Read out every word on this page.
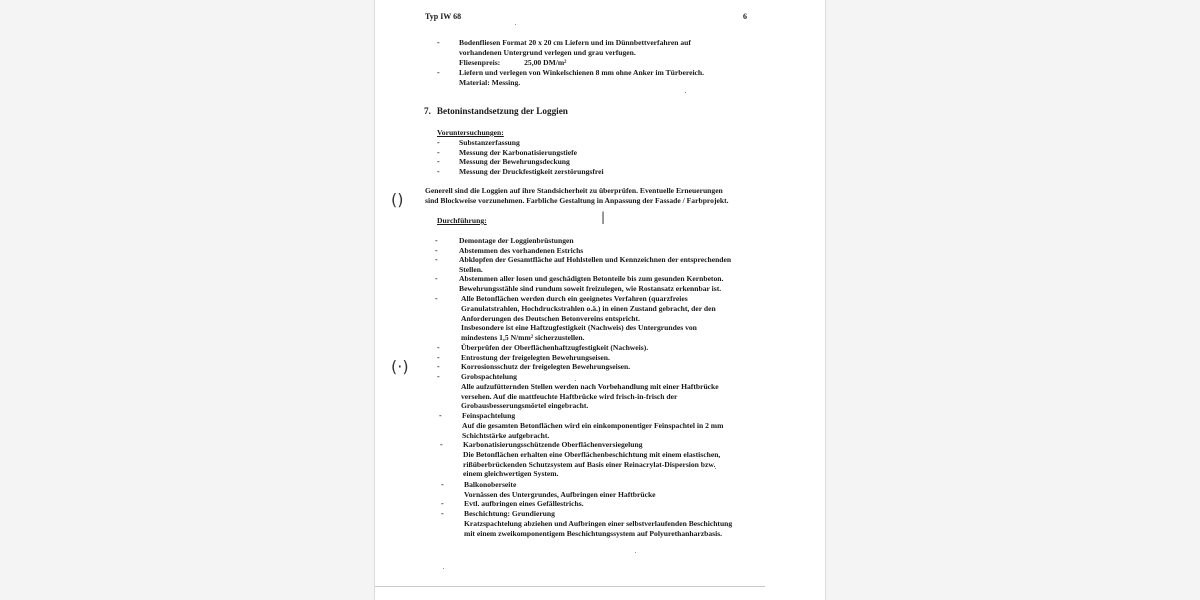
Typ IW 68	6
-	Bodenfliesen Format 20 x 20 cm Liefern und im Dünnbettverfahren auf
vorhandenen Untergrund verlegen und grau verfugen.
Fliesenpreis:	25,00 DM/m²
-	Liefern und verlegen von Winkelschienen 8 mm ohne Anker im Türbereich.
Material: Messing.
7. Betoninstandsetzung der Loggien
Voruntersuchungen:
-	Substanzerfassung
-	Messung der Karbonatisierungstiefe
-	Messung der Bewehrungsdeckung
-	Messung der Druckfestigkeit zerstörungsfrei
Generell sind die Loggien auf ihre Standsicherheit zu überprüfen. Eventuelle Erneuerungen
sind Blockweise vorzunehmen. Farbliche Gestaltung in Anpassung der Fassade / Farbprojekt.
()
Durchführung:	|
-	Demontage der Loggienbrüstungen
-	Abstemmen des vorhandenen Estrichs
-	Abklopfen der Gesamtfläche auf Hohlstellen und Kennzeichnen der entsprechenden
Stellen.
-	Abstemmen aller losen und geschädigten Betonteile bis zum gesunden Kernbeton.
Bewehrungsstähle sind rundum soweit freizulegen, wie Rostansatz erkennbar ist.
-	Alle Betonflächen werden durch ein geeignetes Verfahren (quarzfreies
Granulatstrahlen, Hochdruckstrahlen o.ä.) in einen Zustand gebracht, der den
Anforderungen des Deutschen Betonvereins entspricht.
Insbesondere ist eine Haftzugfestigkeit (Nachweis) des Untergrundes von
mindestens 1,5 N/mm² sicherzustellen.
-	Überprüfen der Oberflächenhaftzugfestigkeit (Nachweis).
-	Entrostung der freigelegten Bewehrungseisen.
-	Korrosionsschutz der freigelegten Bewehrungseisen.
(·)
-	Grobspachtelung
Alle aufzufütternden Stellen werden nach Vorbehandlung mit einer Haftbrücke
versehen. Auf die mattfeuchte Haftbrücke wird frisch-in-frisch der
Grobausbesserungsmörtel eingebracht.
-	Feinspachtelung
Auf die gesamten Betonflächen wird ein einkomponentiger Feinspachtel in 2 mm
Schichtstärke aufgebracht.
-	Karbonatisierungsschützende Oberflächenversiegelung
Die Betonflächen erhalten eine Oberflächenbeschichtung mit einem elastischen,
rißüberbrückenden Schutzsystem auf Basis einer Reinacrylat-Dispersion bzw.
einem gleichwertigen System.
-	Balkonoberseite
Vornässen des Untergrundes, Aufbringen einer Haftbrücke
-	Evtl. aufbringen eines Gefällestrichs.
-	Beschichtung: Grundierung
Kratzspachtelung abziehen und Aufbringen einer selbstverlaufenden Beschichtung
mit einem zweikomponentigem Beschichtungssystem auf Polyurethanharzbasis.
